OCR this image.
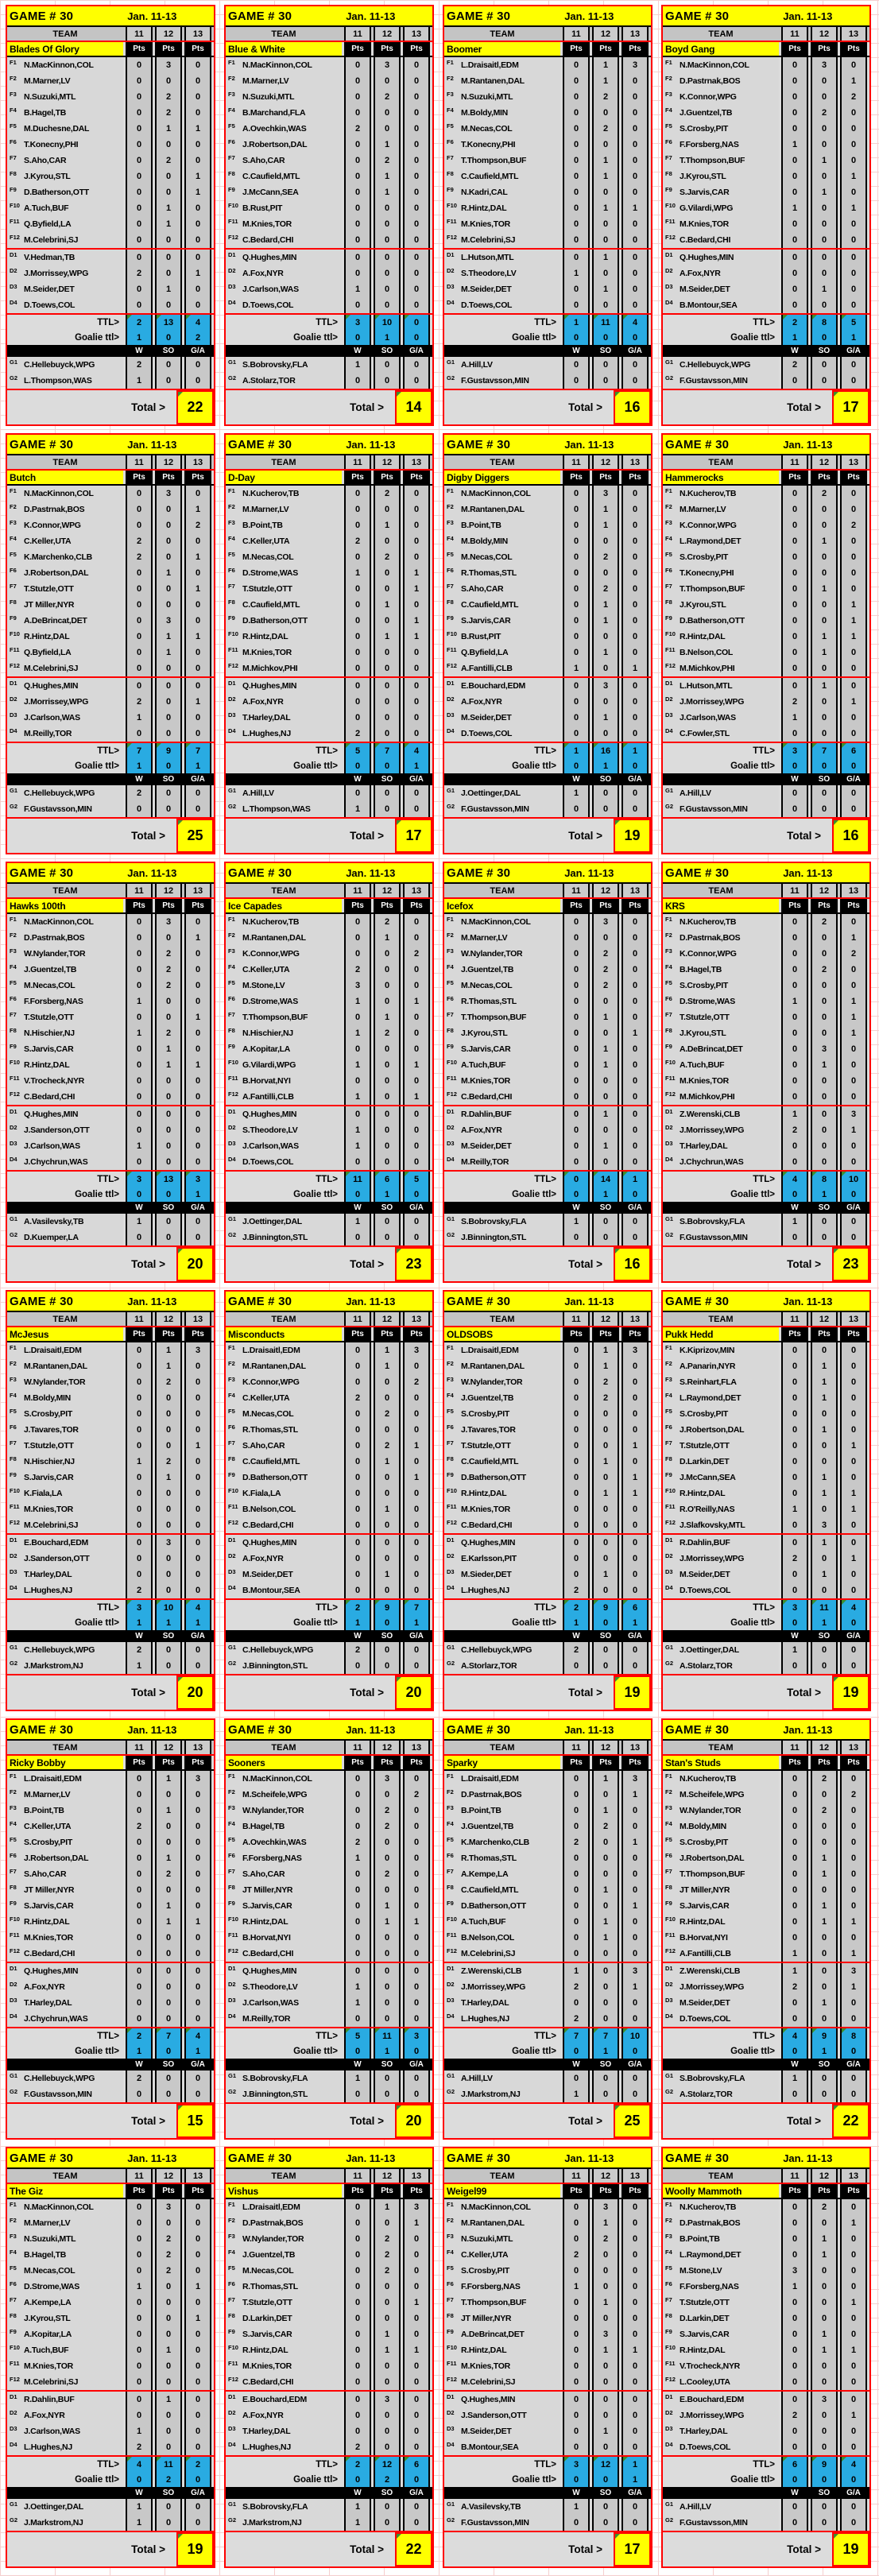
GAME # 30	Jan. 11-13
TEAM	11	12	13
Blades Of Glory	Pts	Pts	Pts
F1 N.MacKinnon,COL	0	3	0
F2 M.Marner,LV	0	0	0
F3 N.Suzuki,MTL	0	2	0
F4 B.Hagel,TB	0	2	0
F5 M.Duchesne,DAL	0	1	1
F6 T.Konecny,PHI	0	0	0
F7 S.Aho,CAR	0	2	0
F8 J.Kyrou,STL	0	0	1
F9 D.Batherson,OTT	0	0	1
F10 A.Tuch,BUF	0	1	0
F11 Q.Byfield,LA	0	1	0
F12 M.Celebrini,SJ	0	0	0
D1 V.Hedman,TB	0	0	0
D2 J.Morrissey,WPG	2	0	1
D3 M.Seider,DET	0	1	0
D4 D.Toews,COL	0	0	0
TTL>	2	13	4
Goalie ttl>	1	0	2
W	SO	G/A
G1 C.Hellebuyck,WPG	2	0	0
G2 L.Thompson,WAS	1	0	0
Total >	22
GAME # 30	Jan. 11-13
TEAM	11	12	13
Blue & White	Pts	Pts	Pts
F1 N.MacKinnon,COL	0	3	0
F2 M.Marner,LV	0	0	0
F3 N.Suzuki,MTL	0	2	0
F4 B.Marchand,FLA	0	0	0
F5 A.Ovechkin,WAS	2	0	0
F6 J.Robertson,DAL	0	1	0
F7 S.Aho,CAR	0	2	0
F8 C.Caufield,MTL	0	1	0
F9 J.McCann,SEA	0	1	0
F10 B.Rust,PIT	0	0	0
F11 M.Knies,TOR	0	0	0
F12 C.Bedard,CHI	0	0	0
D1 Q.Hughes,MIN	0	0	0
D2 A.Fox,NYR	0	0	0
D3 J.Carlson,WAS	1	0	0
D4 D.Toews,COL	0	0	0
TTL>	3	10	0
Goalie ttl>	0	1	0
W	SO	G/A
G1 S.Bobrovsky,FLA	1	0	0
G2 A.Stolarz,TOR	0	0	0
Total >	14
GAME # 30	Jan. 11-13
TEAM	11	12	13
Boomer	Pts	Pts	Pts
F1 L.Draisaitl,EDM	0	1	3
F2 M.Rantanen,DAL	0	1	0
F3 N.Suzuki,MTL	0	2	0
F4 M.Boldy,MIN	0	0	0
F5 M.Necas,COL	0	2	0
F6 T.Konecny,PHI	0	0	0
F7 T.Thompson,BUF	0	1	0
F8 C.Caufield,MTL	0	1	0
F9 N.Kadri,CAL	0	0	0
F10 R.Hintz,DAL	0	1	1
F11 M.Knies,TOR	0	0	0
F12 M.Celebrini,SJ	0	0	0
D1 L.Hutson,MTL	0	1	0
D2 S.Theodore,LV	1	0	0
D3 M.Seider,DET	0	1	0
D4 D.Toews,COL	0	0	0
TTL>	1	11	4
Goalie ttl>	0	0	0
W	SO	G/A
G1 A.Hill,LV	0	0	0
G2 F.Gustavsson,MIN	0	0	0
Total >	16
GAME # 30	Jan. 11-13
TEAM	11	12	13
Boyd Gang	Pts	Pts	Pts
F1 N.MacKinnon,COL	0	3	0
F2 D.Pastrnak,BOS	0	0	1
F3 K.Connor,WPG	0	0	2
F4 J.Guentzel,TB	0	2	0
F5 S.Crosby,PIT	0	0	0
F6 F.Forsberg,NAS	1	0	0
F7 T.Thompson,BUF	0	1	0
F8 J.Kyrou,STL	0	0	1
F9 S.Jarvis,CAR	0	1	0
F10 G.Vilardi,WPG	1	0	1
F11 M.Knies,TOR	0	0	0
F12 C.Bedard,CHI	0	0	0
D1 Q.Hughes,MIN	0	0	0
D2 A.Fox,NYR	0	0	0
D3 M.Seider,DET	0	1	0
D4 B.Montour,SEA	0	0	0
TTL>	2	8	5
Goalie ttl>	1	0	1
W	SO	G/A
G1 C.Hellebuyck,WPG	2	0	0
G2 F.Gustavsson,MIN	0	0	0
Total >	17
GAME # 30	Jan. 11-13
TEAM	11	12	13
Butch	Pts	Pts	Pts
F1 N.MacKinnon,COL	0	3	0
F2 D.Pastrnak,BOS	0	0	1
F3 K.Connor,WPG	0	0	2
F4 C.Keller,UTA	2	0	0
F5 K.Marchenko,CLB	2	0	1
F6 J.Robertson,DAL	0	1	0
F7 T.Stutzle,OTT	0	0	1
F8 JT Miller,NYR	0	0	0
F9 A.DeBrincat,DET	0	3	0
F10 R.Hintz,DAL	0	1	1
F11 Q.Byfield,LA	0	1	0
F12 M.Celebrini,SJ	0	0	0
D1 Q.Hughes,MIN	0	0	0
D2 J.Morrissey,WPG	2	0	1
D3 J.Carlson,WAS	1	0	0
D4 M.Reilly,TOR	0	0	0
TTL>	7	9	7
Goalie ttl>	1	0	1
W	SO	G/A
G1 C.Hellebuyck,WPG	2	0	0
G2 F.Gustavsson,MIN	0	0	0
Total >	25
GAME # 30	Jan. 11-13
TEAM	11	12	13
D-Day	Pts	Pts	Pts
F1 N.Kucherov,TB	0	2	0
F2 M.Marner,LV	0	0	0
F3 B.Point,TB	0	1	0
F4 C.Keller,UTA	2	0	0
F5 M.Necas,COL	0	2	0
F6 D.Strome,WAS	1	0	1
F7 T.Stutzle,OTT	0	0	1
F8 C.Caufield,MTL	0	1	0
F9 D.Batherson,OTT	0	0	1
F10 R.Hintz,DAL	0	1	1
F11 M.Knies,TOR	0	0	0
F12 M.Michkov,PHI	0	0	0
D1 Q.Hughes,MIN	0	0	0
D2 A.Fox,NYR	0	0	0
D3 T.Harley,DAL	0	0	0
D4 L.Hughes,NJ	2	0	0
TTL>	5	7	4
Goalie ttl>	0	0	1
W	SO	G/A
G1 A.Hill,LV	0	0	0
G2 L.Thompson,WAS	1	0	0
Total >	17
GAME # 30	Jan. 11-13
TEAM	11	12	13
Digby Diggers	Pts	Pts	Pts
F1 N.MacKinnon,COL	0	3	0
F2 M.Rantanen,DAL	0	1	0
F3 B.Point,TB	0	1	0
F4 M.Boldy,MIN	0	0	0
F5 M.Necas,COL	0	2	0
F6 R.Thomas,STL	0	0	0
F7 S.Aho,CAR	0	2	0
F8 C.Caufield,MTL	0	1	0
F9 S.Jarvis,CAR	0	1	0
F10 B.Rust,PIT	0	0	0
F11 Q.Byfield,LA	0	1	0
F12 A.Fantilli,CLB	1	0	1
D1 E.Bouchard,EDM	0	3	0
D2 A.Fox,NYR	0	0	0
D3 M.Seider,DET	0	1	0
D4 D.Toews,COL	0	0	0
TTL>	1	16	1
Goalie ttl>	0	1	0
W	SO	G/A
G1 J.Oettinger,DAL	1	0	0
G2 F.Gustavsson,MIN	0	0	0
Total >	19
GAME # 30	Jan. 11-13
TEAM	11	12	13
Hammerocks	Pts	Pts	Pts
F1 N.Kucherov,TB	0	2	0
F2 M.Marner,LV	0	0	0
F3 K.Connor,WPG	0	0	2
F4 L.Raymond,DET	0	1	0
F5 S.Crosby,PIT	0	0	0
F6 T.Konecny,PHI	0	0	0
F7 T.Thompson,BUF	0	1	0
F8 J.Kyrou,STL	0	0	1
F9 D.Batherson,OTT	0	0	1
F10 R.Hintz,DAL	0	1	1
F11 B.Nelson,COL	0	1	0
F12 M.Michkov,PHI	0	0	0
D1 L.Hutson,MTL	0	1	0
D2 J.Morrissey,WPG	2	0	1
D3 J.Carlson,WAS	1	0	0
D4 C.Fowler,STL	0	0	0
TTL>	3	7	6
Goalie ttl>	0	0	0
W	SO	G/A
G1 A.Hill,LV	0	0	0
G2 F.Gustavsson,MIN	0	0	0
Total >	16
GAME # 30	Jan. 11-13
TEAM	11	12	13
Hawks 100th	Pts	Pts	Pts
F1 N.MacKinnon,COL	0	3	0
F2 D.Pastrnak,BOS	0	0	1
F3 W.Nylander,TOR	0	2	0
F4 J.Guentzel,TB	0	2	0
F5 M.Necas,COL	0	2	0
F6 F.Forsberg,NAS	1	0	0
F7 T.Stutzle,OTT	0	0	1
F8 N.Hischier,NJ	1	2	0
F9 S.Jarvis,CAR	0	1	0
F10 R.Hintz,DAL	0	1	1
F11 V.Trocheck,NYR	0	0	0
F12 C.Bedard,CHI	0	0	0
D1 Q.Hughes,MIN	0	0	0
D2 J.Sanderson,OTT	0	0	0
D3 J.Carlson,WAS	1	0	0
D4 J.Chychrun,WAS	0	0	0
TTL>	3	13	3
Goalie ttl>	0	0	1
W	SO	G/A
G1 A.Vasilevsky,TB	1	0	0
G2 D.Kuemper,LA	0	0	0
Total >	20
GAME # 30	Jan. 11-13
TEAM	11	12	13
Ice Capades	Pts	Pts	Pts
F1 N.Kucherov,TB	0	2	0
F2 M.Rantanen,DAL	0	1	0
F3 K.Connor,WPG	0	0	2
F4 C.Keller,UTA	2	0	0
F5 M.Stone,LV	3	0	0
F6 D.Strome,WAS	1	0	1
F7 T.Thompson,BUF	0	1	0
F8 N.Hischier,NJ	1	2	0
F9 A.Kopitar,LA	0	0	0
F10 G.Vilardi,WPG	1	0	1
F11 B.Horvat,NYI	0	0	0
F12 A.Fantilli,CLB	1	0	1
D1 Q.Hughes,MIN	0	0	0
D2 S.Theodore,LV	1	0	0
D3 J.Carlson,WAS	1	0	0
D4 D.Toews,COL	0	0	0
TTL>	11	6	5
Goalie ttl>	0	1	0
W	SO	G/A
G1 J.Oettinger,DAL	1	0	0
G2 J.Binnington,STL	0	0	0
Total >	23
GAME # 30	Jan. 11-13
TEAM	11	12	13
Icefox	Pts	Pts	Pts
F1 N.MacKinnon,COL	0	3	0
F2 M.Marner,LV	0	0	0
F3 W.Nylander,TOR	0	2	0
F4 J.Guentzel,TB	0	2	0
F5 M.Necas,COL	0	2	0
F6 R.Thomas,STL	0	0	0
F7 T.Thompson,BUF	0	1	0
F8 J.Kyrou,STL	0	0	1
F9 S.Jarvis,CAR	0	1	0
F10 A.Tuch,BUF	0	1	0
F11 M.Knies,TOR	0	0	0
F12 C.Bedard,CHI	0	0	0
D1 R.Dahlin,BUF	0	1	0
D2 A.Fox,NYR	0	0	0
D3 M.Seider,DET	0	1	0
D4 M.Reilly,TOR	0	0	0
TTL>	0	14	1
Goalie ttl>	0	1	0
W	SO	G/A
G1 S.Bobrovsky,FLA	1	0	0
G2 J.Binnington,STL	0	0	0
Total >	16
GAME # 30	Jan. 11-13
TEAM	11	12	13
KRS	Pts	Pts	Pts
F1 N.Kucherov,TB	0	2	0
F2 D.Pastrnak,BOS	0	0	1
F3 K.Connor,WPG	0	0	2
F4 B.Hagel,TB	0	2	0
F5 S.Crosby,PIT	0	0	0
F6 D.Strome,WAS	1	0	1
F7 T.Stutzle,OTT	0	0	1
F8 J.Kyrou,STL	0	0	1
F9 A.DeBrincat,DET	0	3	0
F10 A.Tuch,BUF	0	1	0
F11 M.Knies,TOR	0	0	0
F12 M.Michkov,PHI	0	0	0
D1 Z.Werenski,CLB	1	0	3
D2 J.Morrissey,WPG	2	0	1
D3 T.Harley,DAL	0	0	0
D4 J.Chychrun,WAS	0	0	0
TTL>	4	8	10
Goalie ttl>	0	1	0
W	SO	G/A
G1 S.Bobrovsky,FLA	1	0	0
G2 F.Gustavsson,MIN	0	0	0
Total >	23
GAME # 30	Jan. 11-13
TEAM	11	12	13
McJesus	Pts	Pts	Pts
F1 L.Draisaitl,EDM	0	1	3
F2 M.Rantanen,DAL	0	1	0
F3 W.Nylander,TOR	0	2	0
F4 M.Boldy,MIN	0	0	0
F5 S.Crosby,PIT	0	0	0
F6 J.Tavares,TOR	0	0	0
F7 T.Stutzle,OTT	0	0	1
F8 N.Hischier,NJ	1	2	0
F9 S.Jarvis,CAR	0	1	0
F10 K.Fiala,LA	0	0	0
F11 M.Knies,TOR	0	0	0
F12 M.Celebrini,SJ	0	0	0
D1 E.Bouchard,EDM	0	3	0
D2 J.Sanderson,OTT	0	0	0
D3 T.Harley,DAL	0	0	0
D4 L.Hughes,NJ	2	0	0
TTL>	3	10	4
Goalie ttl>	1	1	1
W	SO	G/A
G1 C.Hellebuyck,WPG	2	0	0
G2 J.Markstrom,NJ	1	0	0
Total >	20
GAME # 30	Jan. 11-13
TEAM	11	12	13
Misconducts	Pts	Pts	Pts
F1 L.Draisaitl,EDM	0	1	3
F2 M.Rantanen,DAL	0	1	0
F3 K.Connor,WPG	0	0	2
F4 C.Keller,UTA	2	0	0
F5 M.Necas,COL	0	2	0
F6 R.Thomas,STL	0	0	0
F7 S.Aho,CAR	0	2	1
F8 C.Caufield,MTL	0	1	0
F9 D.Batherson,OTT	0	0	1
F10 K.Fiala,LA	0	0	0
F11 B.Nelson,COL	0	1	0
F12 C.Bedard,CHI	0	0	0
D1 Q.Hughes,MIN	0	0	0
D2 A.Fox,NYR	0	0	0
D3 M.Seider,DET	0	1	0
D4 B.Montour,SEA	0	0	0
TTL>	2	9	7
Goalie ttl>	1	0	1
W	SO	G/A
G1 C.Hellebuyck,WPG	2	0	0
G2 J.Binnington,STL	0	0	0
Total >	20
GAME # 30	Jan. 11-13
TEAM	11	12	13
OLDSOBS	Pts	Pts	Pts
F1 L.Draisaitl,EDM	0	1	3
F2 M.Rantanen,DAL	0	1	0
F3 W.Nylander,TOR	0	2	0
F4 J.Guentzel,TB	0	2	0
F5 S.Crosby,PIT	0	0	0
F6 J.Tavares,TOR	0	0	0
F7 T.Stutzle,OTT	0	0	1
F8 C.Caufield,MTL	0	1	0
F9 D.Batherson,OTT	0	0	1
F10 R.Hintz,DAL	0	1	1
F11 M.Knies,TOR	0	0	0
F12 C.Bedard,CHI	0	0	0
D1 Q.Hughes,MIN	0	0	0
D2 E.Karlsson,PIT	0	0	0
D3 M.Sieder,DET	0	1	0
D4 L.Hughes,NJ	2	0	0
TTL>	2	9	6
Goalie ttl>	1	0	1
W	SO	G/A
G1 C.Hellebuyck,WPG	2	0	0
G2 A.Storlarz,TOR	0	0	0
Total >	19
GAME # 30	Jan. 11-13
TEAM	11	12	13
Pukk Hedd	Pts	Pts	Pts
F1 K.Kiprizov,MIN	0	0	0
F2 A.Panarin,NYR	0	1	0
F3 S.Reinhart,FLA	0	1	0
F4 L.Raymond,DET	0	1	0
F5 S.Crosby,PIT	0	0	0
F6 J.Robertson,DAL	0	1	0
F7 T.Stutzle,OTT	0	0	1
F8 D.Larkin,DET	0	0	0
F9 J.McCann,SEA	0	1	0
F10 R.Hintz,DAL	0	1	1
F11 R.O'Reilly,NAS	1	0	1
F12 J.Slafkovsky,MTL	0	3	0
D1 R.Dahlin,BUF	0	1	0
D2 J.Morrissey,WPG	2	0	1
D3 M.Seider,DET	0	1	0
D4 D.Toews,COL	0	0	0
TTL>	3	11	4
Goalie ttl>	0	1	0
W	SO	G/A
G1 J.Oettinger,DAL	1	0	0
G2 A.Stolarz,TOR	0	0	0
Total >	19
GAME # 30	Jan. 11-13
TEAM	11	12	13
Ricky Bobby	Pts	Pts	Pts
F1 L.Draisaitl,EDM	0	1	3
F2 M.Marner,LV	0	0	0
F3 B.Point,TB	0	1	0
F4 C.Keller,UTA	2	0	0
F5 S.Crosby,PIT	0	0	0
F6 J.Robertson,DAL	0	1	0
F7 S.Aho,CAR	0	2	0
F8 JT Miller,NYR	0	0	0
F9 S.Jarvis,CAR	0	1	0
F10 R.Hintz,DAL	0	1	1
F11 M.Knies,TOR	0	0	0
F12 C.Bedard,CHI	0	0	0
D1 Q.Hughes,MIN	0	0	0
D2 A.Fox,NYR	0	0	0
D3 T.Harley,DAL	0	0	0
D4 J.Chychrun,WAS	0	0	0
TTL>	2	7	4
Goalie ttl>	1	0	1
W	SO	G/A
G1 C.Hellebuyck,WPG	2	0	0
G2 F.Gustavsson,MIN	0	0	0
Total >	15
GAME # 30	Jan. 11-13
TEAM	11	12	13
Sooners	Pts	Pts	Pts
F1 N.MacKinnon,COL	0	3	0
F2 M.Scheifele,WPG	0	0	2
F3 W.Nylander,TOR	0	2	0
F4 B.Hagel,TB	0	2	0
F5 A.Ovechkin,WAS	2	0	0
F6 F.Forsberg,NAS	1	0	0
F7 S.Aho,CAR	0	2	0
F8 JT Miller,NYR	0	0	0
F9 S.Jarvis,CAR	0	1	0
F10 R.Hintz,DAL	0	1	1
F11 B.Horvat,NYI	0	0	0
F12 C.Bedard,CHI	0	0	0
D1 Q.Hughes,MIN	0	0	0
D2 S.Theodore,LV	1	0	0
D3 J.Carlson,WAS	1	0	0
D4 M.Reilly,TOR	0	0	0
TTL>	5	11	3
Goalie ttl>	0	1	0
W	SO	G/A
G1 S.Bobrovsky,FLA	1	0	0
G2 J.Binnington,STL	0	0	0
Total >	20
GAME # 30	Jan. 11-13
TEAM	11	12	13
Sparky	Pts	Pts	Pts
F1 L.Draisaitl,EDM	0	1	3
F2 D.Pastrnak,BOS	0	0	1
F3 B.Point,TB	0	1	0
F4 J.Guentzel,TB	0	2	0
F5 K.Marchenko,CLB	2	0	1
F6 R.Thomas,STL	0	0	0
F7 A.Kempe,LA	0	0	0
F8 C.Caufield,MTL	0	1	0
F9 D.Batherson,OTT	0	0	1
F10 A.Tuch,BUF	0	1	0
F11 B.Nelson,COL	0	1	0
F12 M.Celebrini,SJ	0	0	0
D1 Z.Werenski,CLB	1	0	3
D2 J.Morrissey,WPG	2	0	1
D3 T.Harley,DAL	0	0	0
D4 L.Hughes,NJ	2	0	0
TTL>	7	7	10
Goalie ttl>	0	1	0
W	SO	G/A
G1 A.Hill,LV	0	0	0
G2 J.Markstrom,NJ	1	0	0
Total >	25
GAME # 30	Jan. 11-13
TEAM	11	12	13
Stan's Studs	Pts	Pts	Pts
F1 N.Kucherov,TB	0	2	0
F2 M.Scheifele,WPG	0	0	2
F3 W.Nylander,TOR	0	2	0
F4 M.Boldy,MIN	0	0	0
F5 S.Crosby,PIT	0	0	0
F6 J.Robertson,DAL	0	1	0
F7 T.Thompson,BUF	0	1	0
F8 JT Miller,NYR	0	0	0
F9 S.Jarvis,CAR	0	1	0
F10 R.Hintz,DAL	0	1	1
F11 B.Horvat,NYI	0	0	0
F12 A.Fantilli,CLB	1	0	1
D1 Z.Werenski,CLB	1	0	3
D2 J.Morrissey,WPG	2	0	1
D3 M.Seider,DET	0	1	0
D4 D.Toews,COL	0	0	0
TTL>	4	9	8
Goalie ttl>	0	1	0
W	SO	G/A
G1 S.Bobrovsky,FLA	1	0	0
G2 A.Stolarz,TOR	0	0	0
Total >	22
GAME # 30	Jan. 11-13
TEAM	11	12	13
The Giz	Pts	Pts	Pts
F1 N.MacKinnon,COL	0	3	0
F2 M.Marner,LV	0	0	0
F3 N.Suzuki,MTL	0	2	0
F4 B.Hagel,TB	0	2	0
F5 M.Necas,COL	0	2	0
F6 D.Strome,WAS	1	0	1
F7 A.Kempe,LA	0	0	0
F8 J.Kyrou,STL	0	0	1
F9 A.Kopitar,LA	0	0	0
F10 A.Tuch,BUF	0	1	0
F11 M.Knies,TOR	0	0	0
F12 M.Celebrini,SJ	0	0	0
D1 R.Dahlin,BUF	0	1	0
D2 A.Fox,NYR	0	0	0
D3 J.Carlson,WAS	1	0	0
D4 L.Hughes,NJ	2	0	0
TTL>	4	11	2
Goalie ttl>	0	2	0
W	SO	G/A
G1 J.Oettinger,DAL	1	0	0
G2 J.Markstrom,NJ	1	0	0
Total >	19
GAME # 30	Jan. 11-13
TEAM	11	12	13
Vishus	Pts	Pts	Pts
F1 L.Draisaitl,EDM	0	1	3
F2 D.Pastrnak,BOS	0	0	1
F3 W.Nylander,TOR	0	2	0
F4 J.Guentzel,TB	0	2	0
F5 M.Necas,COL	0	2	0
F6 R.Thomas,STL	0	0	0
F7 T.Stutzle,OTT	0	0	1
F8 D.Larkin,DET	0	0	0
F9 S.Jarvis,CAR	0	1	0
F10 R.Hintz,DAL	0	1	1
F11 M.Knies,TOR	0	0	0
F12 C.Bedard,CHI	0	0	0
D1 E.Bouchard,EDM	0	3	0
D2 A.Fox,NYR	0	0	0
D3 T.Harley,DAL	0	0	0
D4 L.Hughes,NJ	2	0	0
TTL>	2	12	6
Goalie ttl>	0	2	0
W	SO	G/A
G1 S.Bobrovsky,FLA	1	0	0
G2 J.Markstrom,NJ	1	0	0
Total >	22
GAME # 30	Jan. 11-13
TEAM	11	12	13
Weigel99	Pts	Pts	Pts
F1 N.MacKinnon,COL	0	3	0
F2 M.Rantanen,DAL	0	1	0
F3 N.Suzuki,MTL	0	2	0
F4 C.Keller,UTA	2	0	0
F5 S.Crosby,PIT	0	0	0
F6 F.Forsberg,NAS	1	0	0
F7 T.Thompson,BUF	0	1	0
F8 JT Miller,NYR	0	0	0
F9 A.DeBrincat,DET	0	3	0
F10 R.Hintz,DAL	0	1	1
F11 M.Knies,TOR	0	0	0
F12 M.Celebrini,SJ	0	0	0
D1 Q.Hughes,MIN	0	0	0
D2 J.Sanderson,OTT	0	0	0
D3 M.Seider,DET	0	1	0
D4 B.Montour,SEA	0	0	0
TTL>	3	12	1
Goalie ttl>	0	0	1
W	SO	G/A
G1 A.Vasilevsky,TB	1	0	0
G2 F.Gustavsson,MIN	0	0	0
Total >	17
GAME # 30	Jan. 11-13
TEAM	11	12	13
Woolly Mammoth	Pts	Pts	Pts
F1 N.Kucherov,TB	0	2	0
F2 D.Pastrnak,BOS	0	0	1
F3 B.Point,TB	0	1	0
F4 L.Raymond,DET	0	1	0
F5 M.Stone,LV	3	0	0
F6 F.Forsberg,NAS	1	0	0
F7 T.Stutzle,OTT	0	0	1
F8 D.Larkin,DET	0	0	0
F9 S.Jarvis,CAR	0	1	0
F10 R.Hintz,DAL	0	1	1
F11 V.Trocheck,NYR	0	0	0
F12 L.Cooley,UTA	0	0	0
D1 E.Bouchard,EDM	0	3	0
D2 J.Morrissey,WPG	2	0	1
D3 T.Harley,DAL	0	0	0
D4 D.Toews,COL	0	0	0
TTL>	6	9	4
Goalie ttl>	0	0	0
W	SO	G/A
G1 A.Hill,LV	0	0	0
G2 F.Gustavsson,MIN	0	0	0
Total >	19
